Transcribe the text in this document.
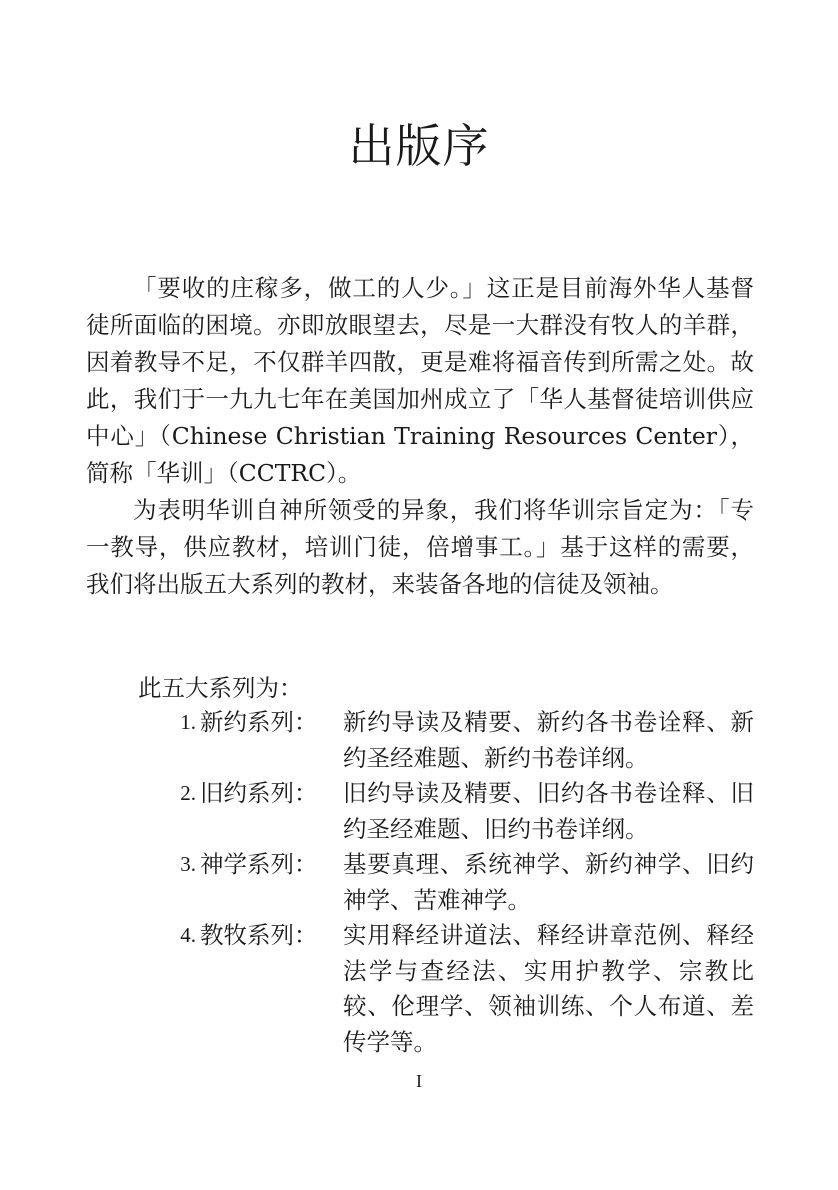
出版序

「要收的庄稼多，做工的人少。」这正是目前海外华人基督徒所面临的困境。亦即放眼望去，尽是一大群没有牧人的羊群，因着教导不足，不仅群羊四散，更是难将福音传到所需之处。故此，我们于一九九七年在美国加州成立了「华人基督徒培训供应中心」（Chinese Christian Training Resources Center），简称「华训」（CCTRC）。

为表明华训自神所领受的异象，我们将华训宗旨定为：「专一教导，供应教材，培训门徒，倍增事工。」基于这样的需要，我们将出版五大系列的教材，来装备各地的信徒及领袖。

此五大系列为：
1. 新约系列：	新约导读及精要、新约各书卷诠释、新约圣经难题、新约书卷详纲。
2. 旧约系列：	旧约导读及精要、旧约各书卷诠释、旧约圣经难题、旧约书卷详纲。
3. 神学系列：	基要真理、系统神学、新约神学、旧约神学、苦难神学。
4. 教牧系列：	实用释经讲道法、释经讲章范例、释经法学与查经法、实用护教学、宗教比较、伦理学、领袖训练、个人布道、差传学等。
I
